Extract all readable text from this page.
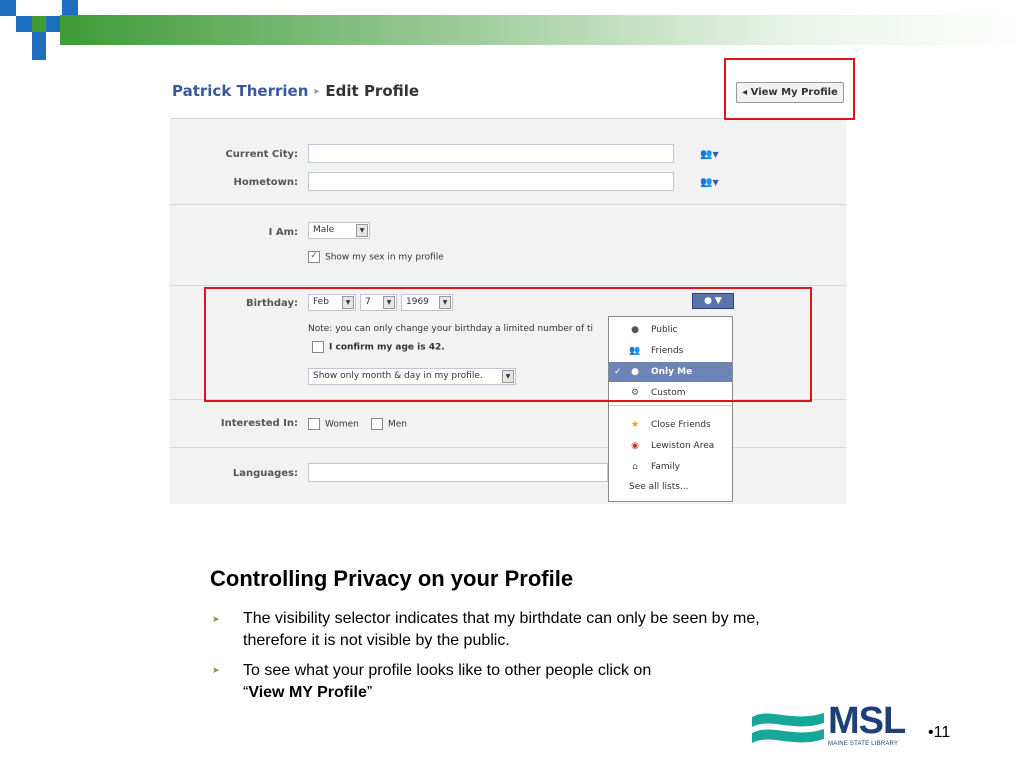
Patrick Therrien ▸ Edit Profile	◂ View My Profile
Current City:	👥▼
Hometown:	👥▼
I Am:	Male	▼
✓ Show my sex in my profile
Birthday:	Feb	▼	7	▼	1969	▼
Note: you can only change your birthday a limited number of ti
I confirm my age is 42.
Show only month & day in my profile.	▼
Interested In:	Women	Men
Languages:
● ▼
● Public
👥 Friends
✓ ● Only Me
⚙ Custom
★ Close Friends
◉ Lewiston Area
⌂	Family
See all lists...
Controlling Privacy on your Profile
➤ The visibility selector indicates that my birthdate can only be seen by me, therefore it is not visible by the public.
➤ To see what your profile looks like to other people click on
“View MY Profile”
MSL
MAINE STATE LIBRARY
•11
